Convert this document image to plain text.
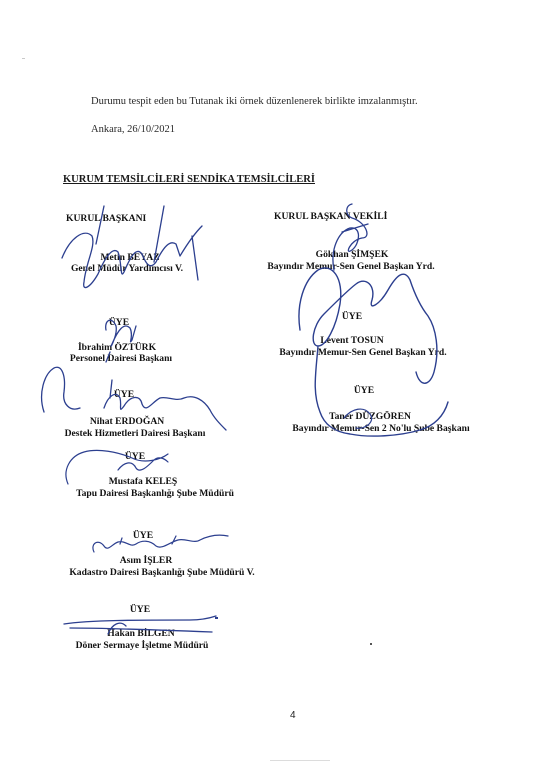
Durumu tespit eden bu Tutanak iki örnek düzenlenerek birlikte imzalanmıştır.
Ankara, 26/10/2021
KURUM TEMSİLCİLERİ SENDİKA TEMSİLCİLERİ
KURUL BAŞKANI
Metin BEYAZ
Genel Müdür Yardımcısı V.
ÜYE
İbrahim ÖZTÜRK
Personel Dairesi Başkanı
ÜYE
Nihat ERDOĞAN
Destek Hizmetleri Dairesi Başkanı
ÜYE
Mustafa KELEŞ
Tapu Dairesi Başkanlığı Şube Müdürü
ÜYE
Asım İŞLER
Kadastro Dairesi Başkanlığı Şube Müdürü V.
ÜYE
Hakan BİLGEN
Döner Sermaye İşletme Müdürü
KURUL BAŞKAN VEKİLİ
Gökhan ŞİMŞEK
Bayındır Memur-Sen Genel Başkan Yrd.
ÜYE
Levent TOSUN
Bayındır Memur-Sen Genel Başkan Yrd.
ÜYE
Taner DÜZGÖREN
Bayındır Memur-Sen 2 No'lu Şube Başkanı
4
